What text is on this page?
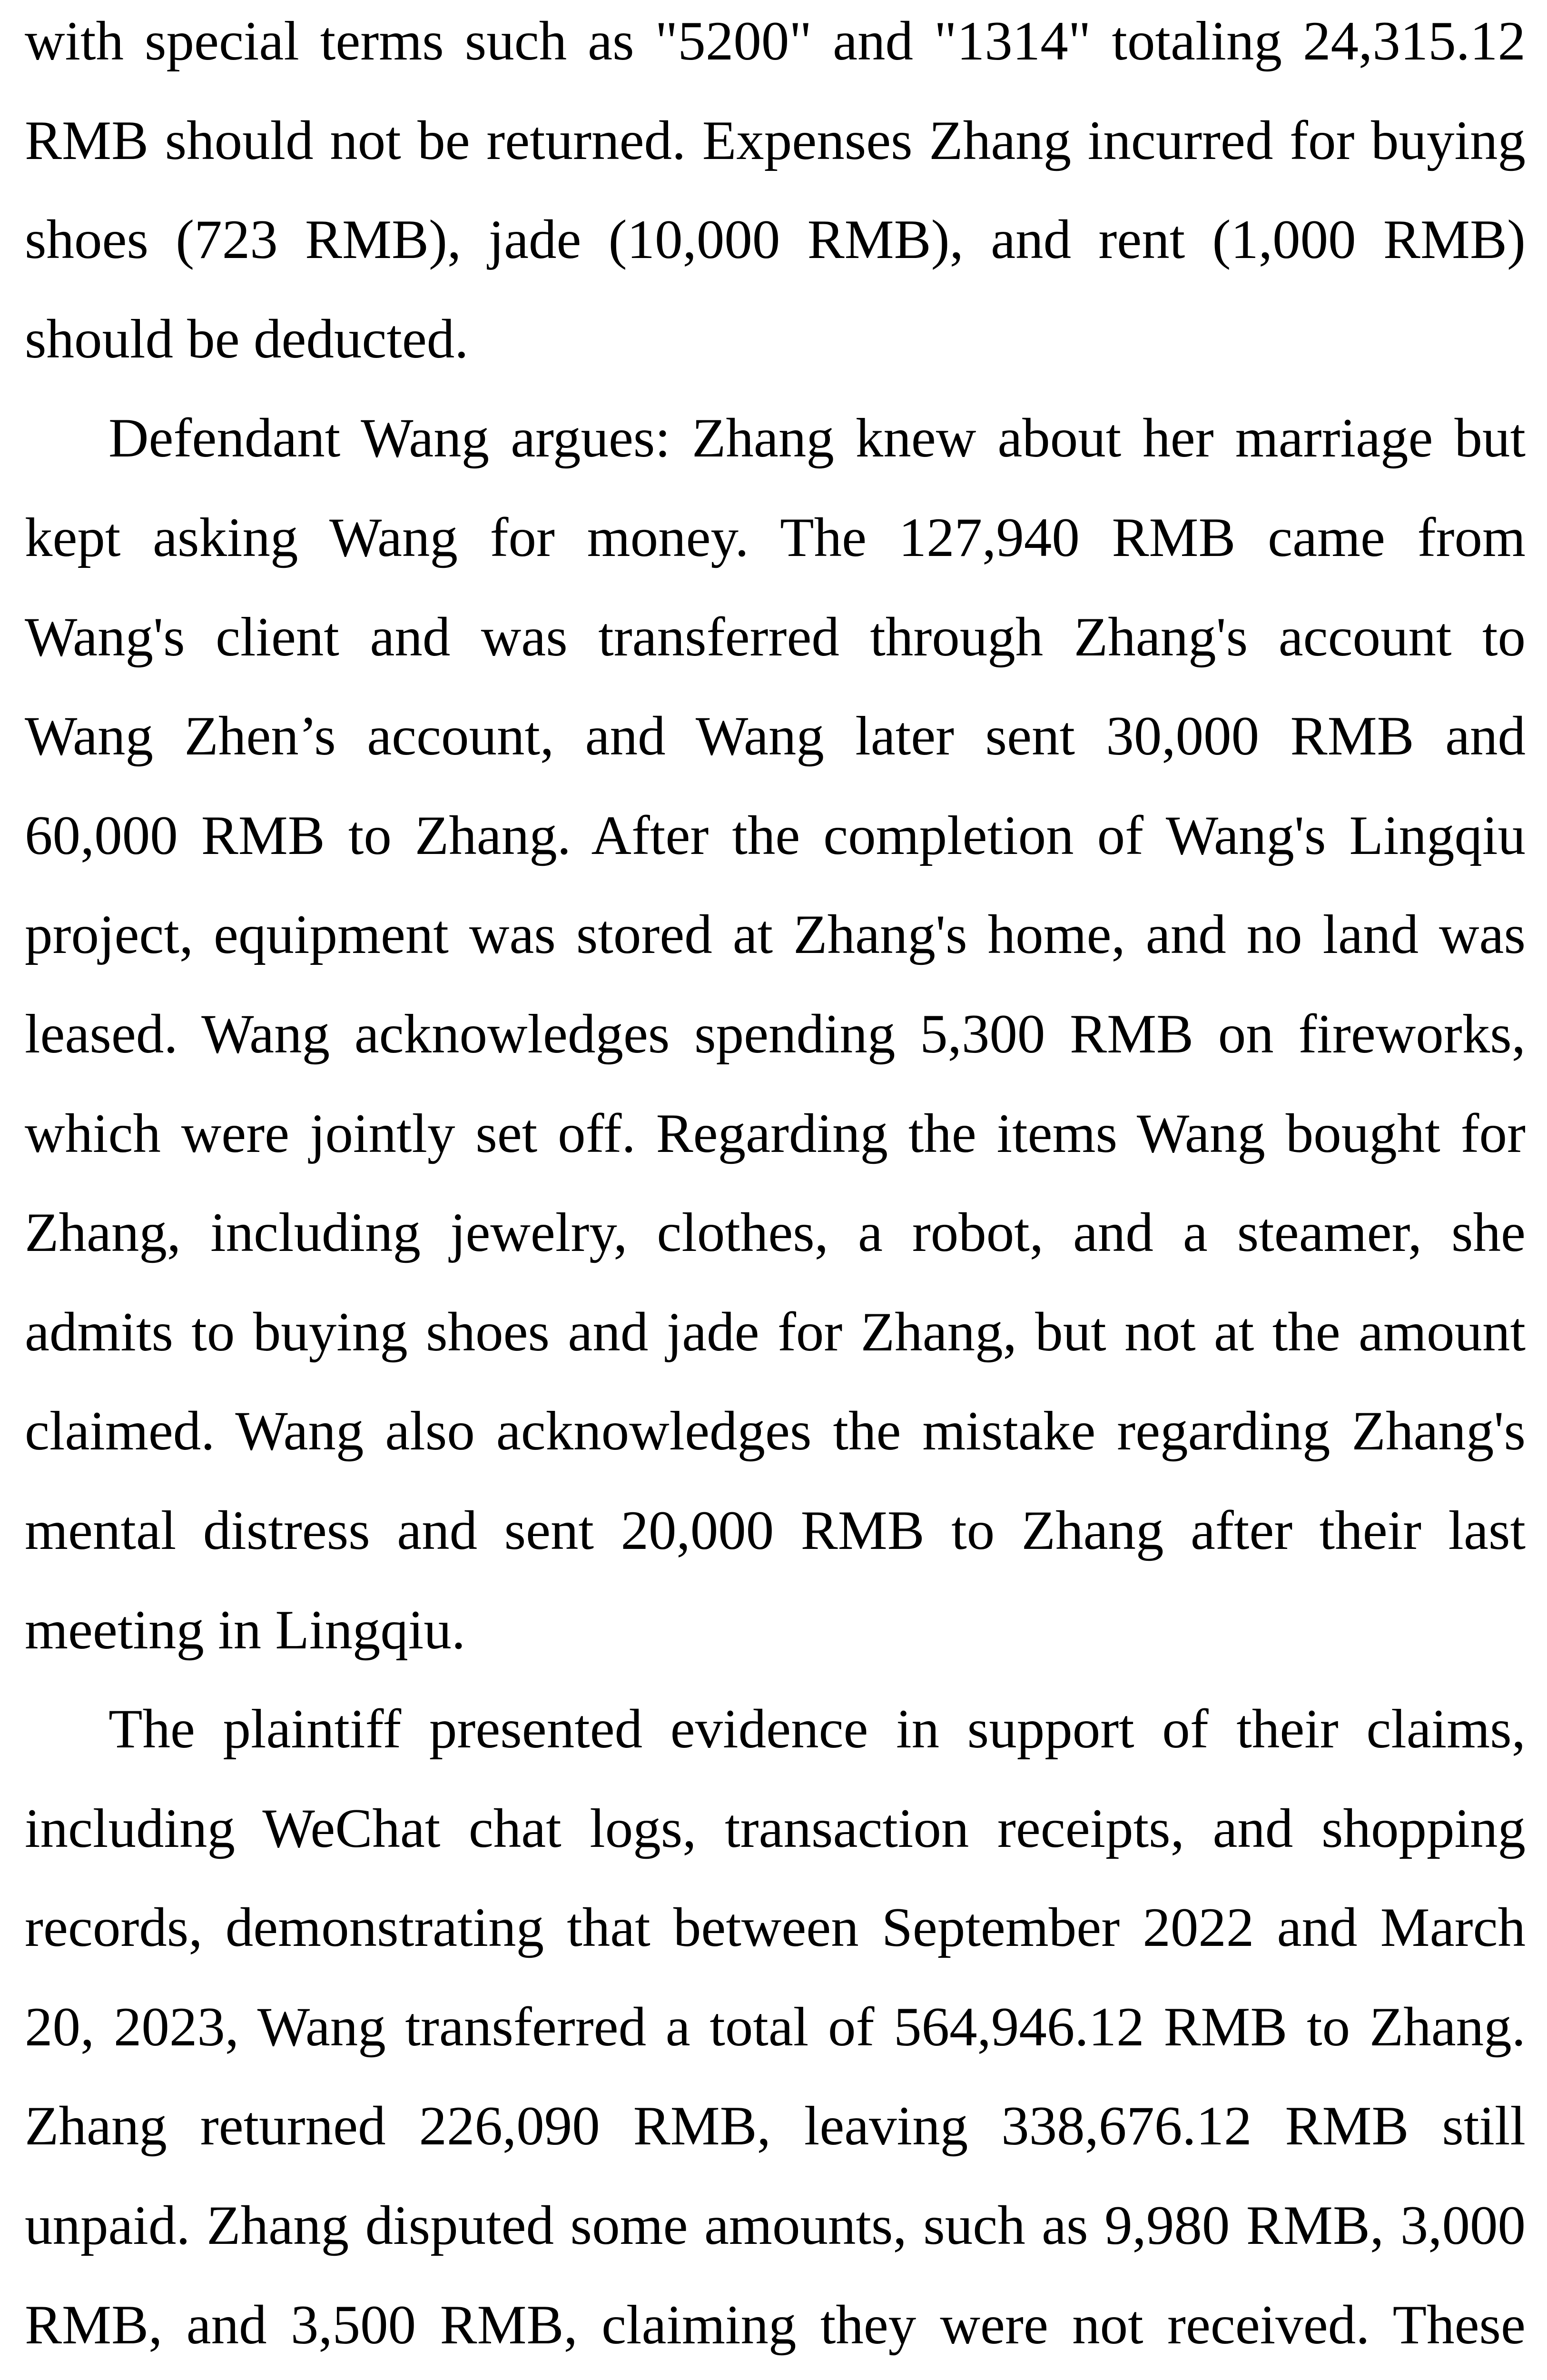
with special terms such as "5200" and "1314" totaling 24,315.12 RMB should not be returned. Expenses Zhang incurred for buying shoes (723 RMB), jade (10,000 RMB), and rent (1,000 RMB) should be deducted.

Defendant Wang argues: Zhang knew about her marriage but kept asking Wang for money. The 127,940 RMB came from Wang's client and was transferred through Zhang's account to Wang Zhen’s account, and Wang later sent 30,000 RMB and 60,000 RMB to Zhang. After the completion of Wang's Lingqiu project, equipment was stored at Zhang's home, and no land was leased. Wang acknowledges spending 5,300 RMB on fireworks, which were jointly set off. Regarding the items Wang bought for Zhang, including jewelry, clothes, a robot, and a steamer, she admits to buying shoes and jade for Zhang, but not at the amount claimed. Wang also acknowledges the mistake regarding Zhang's mental distress and sent 20,000 RMB to Zhang after their last meeting in Lingqiu.

The plaintiff presented evidence in support of their claims, including WeChat chat logs, transaction receipts, and shopping records, demonstrating that between September 2022 and March 20, 2023, Wang transferred a total of 564,946.12 RMB to Zhang. Zhang returned 226,090 RMB, leaving 338,676.12 RMB still unpaid. Zhang disputed some amounts, such as 9,980 RMB, 3,000 RMB, and 3,500 RMB, claiming they were not received. These
